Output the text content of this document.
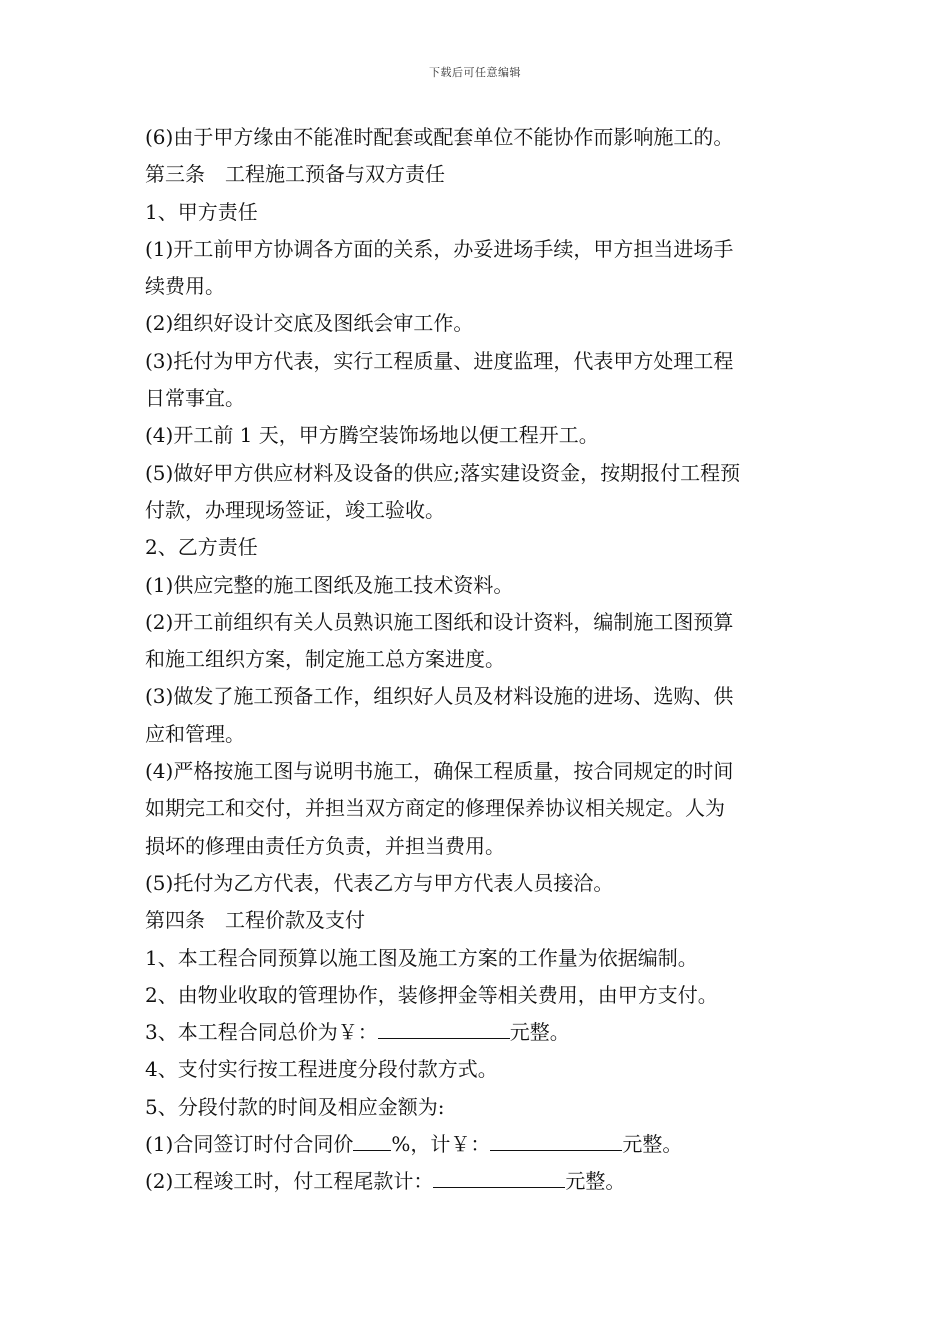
下载后可任意编辑
(6)由于甲方缘由不能准时配套或配套单位不能协作而影响施工的。
第三条　工程施工预备与双方责任
1、甲方责任
(1)开工前甲方协调各方面的关系，办妥进场手续，甲方担当进场手
续费用。
(2)组织好设计交底及图纸会审工作。
(3)托付为甲方代表，实行工程质量、进度监理，代表甲方处理工程
日常事宜。
(4)开工前 1 天，甲方腾空装饰场地以便工程开工。
(5)做好甲方供应材料及设备的供应;落实建设资金，按期报付工程预
付款，办理现场签证，竣工验收。
2、乙方责任
(1)供应完整的施工图纸及施工技术资料。
(2)开工前组织有关人员熟识施工图纸和设计资料，编制施工图预算
和施工组织方案，制定施工总方案进度。
(3)做发了施工预备工作，组织好人员及材料设施的进场、选购、供
应和管理。
(4)严格按施工图与说明书施工，确保工程质量，按合同规定的时间
如期完工和交付，并担当双方商定的修理保养协议相关规定。人为
损坏的修理由责任方负责，并担当费用。
(5)托付为乙方代表，代表乙方与甲方代表人员接洽。
第四条　工程价款及支付
1、本工程合同预算以施工图及施工方案的工作量为依据编制。
2、由物业收取的管理协作，装修押金等相关费用，由甲方支付。
3、本工程合同总价为￥：	元整。
4、支付实行按工程进度分段付款方式。
5、分段付款的时间及相应金额为:
(1)合同签订时付合同价 %，计￥：	元整。
(2)工程竣工时，付工程尾款计：	元整。
